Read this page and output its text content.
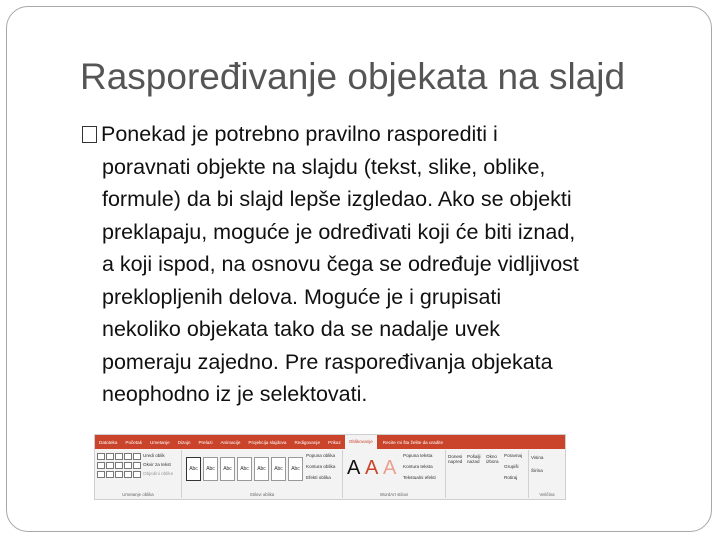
Raspoređivanje objekata na slajd
Ponekad je potrebno pravilno rasporediti i
poravnati objekte na slajdu (tekst, slike, oblike,
formule) da bi slajd lepše izgledao. Ako se objekti
preklapaju, moguće je određivati koji će biti iznad,
a koji ispod, na osnovu čega se određuje vidljivost
preklopljenih delova. Moguće je i grupisati
nekoliko objekata tako da se nadalje uvek
pomeraju zajedno. Pre raspoređivanja objekata
neophodno iz je selektovati.
Datoteka	Početak	Umetanje	Dizajn	Prelazi	Animacije	Projekcija slajdova	Redigovanje	Prikaz	Oblikovanje	Recite mi šta želite da uradite
Uredi oblik
Okvir za tekst
Objedini oblike
Umetanje oblika
Abc	Abc	Abc	Abc	Abc	Abc	Abc
Popuna oblika
Kontura oblika
Efekti oblika
Stilovi oblika
A A A
Popuna teksta
Kontura teksta
Tekstualni efekti
WordArt stilovi
Donesi napred
Pošalji nazad
Okno izbora
Poravnaj
Grupiši
Rotiraj
Visina
Širina
Veličina
